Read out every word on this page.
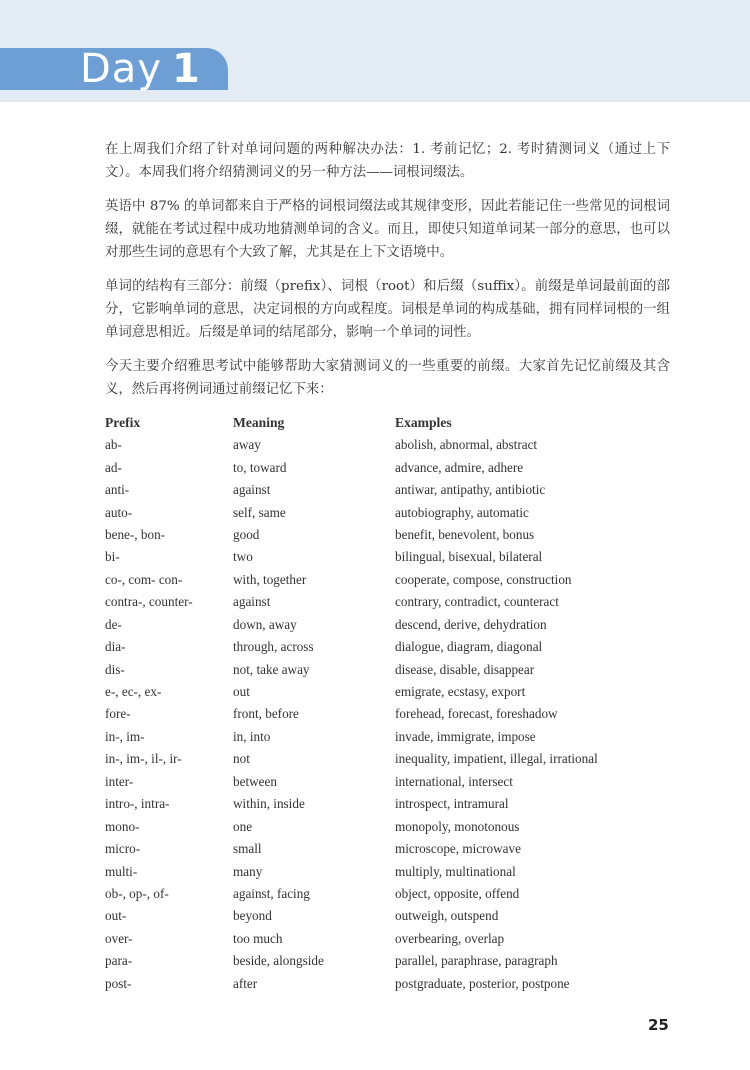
Day 1

在上周我们介绍了针对单词问题的两种解决办法：1. 考前记忆；2. 考时猜测词义（通过上下文）。本周我们将介绍猜测词义的另一种方法——词根词缀法。

英语中 87% 的单词都来自于严格的词根词缀法或其规律变形，因此若能记住一些常见的词根词缀，就能在考试过程中成功地猜测单词的含义。而且，即使只知道单词某一部分的意思，也可以对那些生词的意思有个大致了解，尤其是在上下文语境中。

单词的结构有三部分：前缀（prefix）、词根（root）和后缀（suffix）。前缀是单词最前面的部分，它影响单词的意思，决定词根的方向或程度。词根是单词的构成基础，拥有同样词根的一组单词意思相近。后缀是单词的结尾部分，影响一个单词的词性。

今天主要介绍雅思考试中能够帮助大家猜测词义的一些重要的前缀。大家首先记忆前缀及其含义，然后再将例词通过前缀记忆下来：

Prefix	Meaning	Examples
ab-	away	abolish, abnormal, abstract
ad-	to, toward	advance, admire, adhere
anti-	against	antiwar, antipathy, antibiotic
auto-	self, same	autobiography, automatic
bene-, bon-	good	benefit, benevolent, bonus
bi-	two	bilingual, bisexual, bilateral
co-, com- con-	with, together	cooperate, compose, construction
contra-, counter-	against	contrary, contradict, counteract
de-	down, away	descend, derive, dehydration
dia-	through, across	dialogue, diagram, diagonal
dis-	not, take away	disease, disable, disappear
e-, ec-, ex-	out	emigrate, ecstasy, export
fore-	front, before	forehead, forecast, foreshadow
in-, im-	in, into	invade, immigrate, impose
in-, im-, il-, ir-	not	inequality, impatient, illegal, irrational
inter-	between	international, intersect
intro-, intra-	within, inside	introspect, intramural
mono-	one	monopoly, monotonous
micro-	small	microscope, microwave
multi-	many	multiply, multinational
ob-, op-, of-	against, facing	object, opposite, offend
out-	beyond	outweigh, outspend
over-	too much	overbearing, overlap
para-	beside, alongside	parallel, paraphrase, paragraph
post-	after	postgraduate, posterior, postpone
25
